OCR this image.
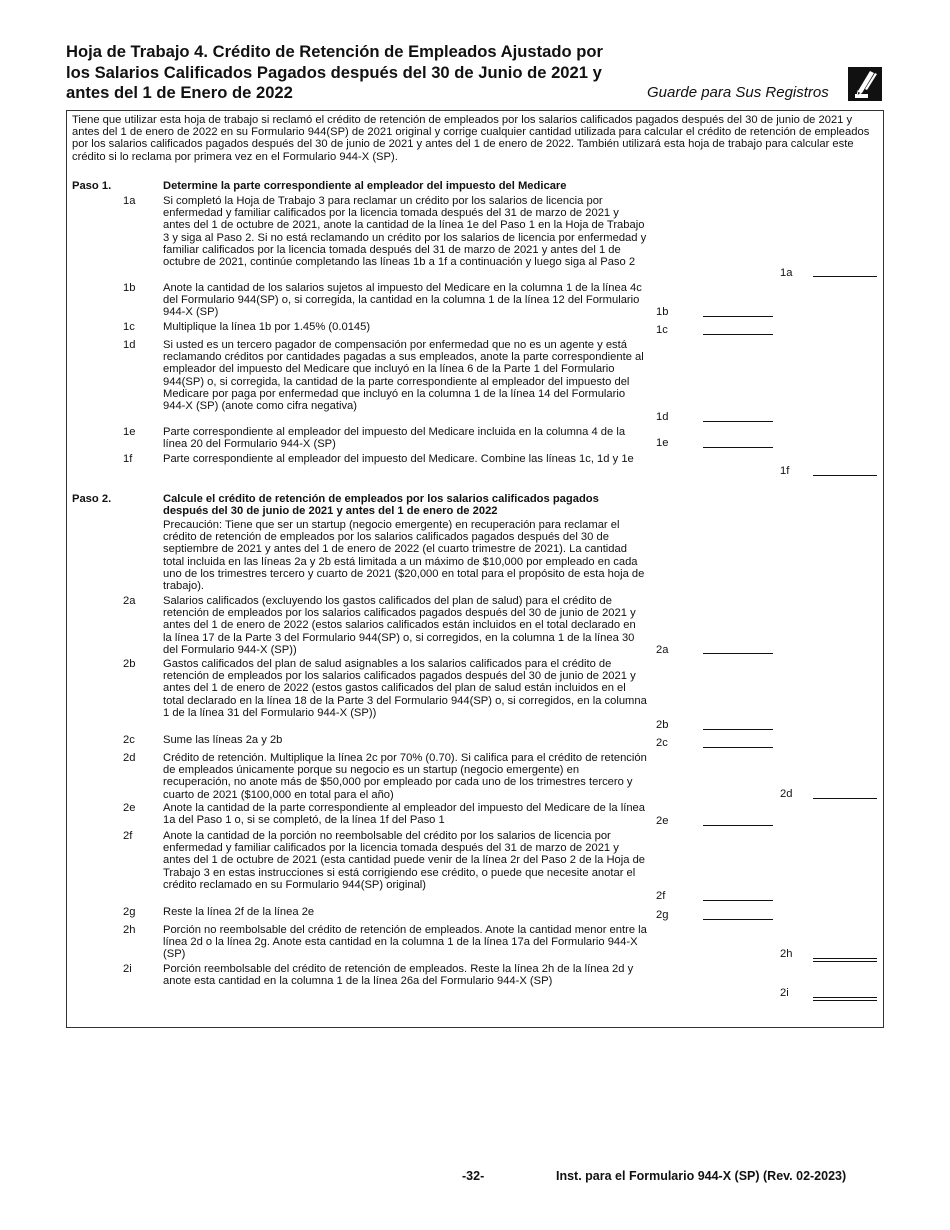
Hoja de Trabajo 4. Crédito de Retención de Empleados Ajustado por los Salarios Calificados Pagados después del 30 de Junio de 2021 y antes del 1 de Enero de 2022	Guarde para Sus Registros
Tiene que utilizar esta hoja de trabajo si reclamó el crédito de retención de empleados por los salarios calificados pagados después del 30 de junio de 2021 y antes del 1 de enero de 2022 en su Formulario 944(SP) de 2021 original y corrige cualquier cantidad utilizada para calcular el crédito de retención de empleados por los salarios calificados pagados después del 30 de junio de 2021 y antes del 1 de enero de 2022. También utilizará esta hoja de trabajo para calcular este crédito si lo reclama por primera vez en el Formulario 944-X (SP).
Paso 1.	Determine la parte correspondiente al empleador del impuesto del Medicare
1a Si completó la Hoja de Trabajo 3 para reclamar un crédito por los salarios de licencia por enfermedad y familiar calificados por la licencia tomada después del 31 de marzo de 2021 y antes del 1 de octubre de 2021, anote la cantidad de la línea 1e del Paso 1 en la Hoja de Trabajo 3 y siga al Paso 2. Si no está reclamando un crédito por los salarios de licencia por enfermedad y familiar calificados por la licencia tomada después del 31 de marzo de 2021 y antes del 1 de octubre de 2021, continúe completando las líneas 1b a 1f a continuación y luego siga al Paso 2
1a
1b Anote la cantidad de los salarios sujetos al impuesto del Medicare en la columna 1 de la línea 4c del Formulario 944(SP) o, si corregida, la cantidad en la columna 1 de la línea 12 del Formulario 944-X (SP)	1b
1c	Multiplique la línea 1b por 1.45% (0.0145)	1c
1d Si usted es un tercero pagador de compensación por enfermedad que no es un agente y está reclamando créditos por cantidades pagadas a sus empleados, anote la parte correspondiente al empleador del impuesto del Medicare que incluyó en la línea 6 de la Parte 1 del Formulario 944(SP) o, si corregida, la cantidad de la parte correspondiente al empleador del impuesto del Medicare por paga por enfermedad que incluyó en la columna 1 de la línea 14 del Formulario 944-X (SP) (anote como cifra negativa)
1d
1e Parte correspondiente al empleador del impuesto del Medicare incluida en la columna 4 de la línea 20 del Formulario 944-X (SP)	1e
1f	Parte correspondiente al empleador del impuesto del Medicare. Combine las líneas 1c, 1d y 1e
1f
Paso 2.	Calcule el crédito de retención de empleados por los salarios calificados pagados después del 30 de junio de 2021 y antes del 1 de enero de 2022
Precaución: Tiene que ser un startup (negocio emergente) en recuperación para reclamar el crédito de retención de empleados por los salarios calificados pagados después del 30 de septiembre de 2021 y antes del 1 de enero de 2022 (el cuarto trimestre de 2021). La cantidad total incluida en las líneas 2a y 2b está limitada a un máximo de $10,000 por empleado en cada uno de los trimestres tercero y cuarto de 2021 ($20,000 en total para el propósito de esta hoja de trabajo).
2a Salarios calificados (excluyendo los gastos calificados del plan de salud) para el crédito de retención de empleados por los salarios calificados pagados después del 30 de junio de 2021 y antes del 1 de enero de 2022 (estos salarios calificados están incluidos en el total declarado en la línea 17 de la Parte 3 del Formulario 944(SP) o, si corregidos, en la columna 1 de la línea 30 del Formulario 944-X (SP))	2a
2b Gastos calificados del plan de salud asignables a los salarios calificados para el crédito de retención de empleados por los salarios calificados pagados después del 30 de junio de 2021 y antes del 1 de enero de 2022 (estos gastos calificados del plan de salud están incluidos en el total declarado en la línea 18 de la Parte 3 del Formulario 944(SP) o, si corregidos, en la columna 1 de la línea 31 del Formulario 944-X (SP))
2b
2c	Sume las líneas 2a y 2b	2c
2d Crédito de retención. Multiplique la línea 2c por 70% (0.70). Si califica para el crédito de retención de empleados únicamente porque su negocio es un startup (negocio emergente) en recuperación, no anote más de $50,000 por empleado por cada uno de los trimestres tercero y cuarto de 2021 ($100,000 en total para el año)	2d
2e Anote la cantidad de la parte correspondiente al empleador del impuesto del Medicare de la línea 1a del Paso 1 o, si se completó, de la línea 1f del Paso 1	2e
2f	Anote la cantidad de la porción no reembolsable del crédito por los salarios de licencia por enfermedad y familiar calificados por la licencia tomada después del 31 de marzo de 2021 y antes del 1 de octubre de 2021 (esta cantidad puede venir de la línea 2r del Paso 2 de la Hoja de Trabajo 3 en estas instrucciones si está corrigiendo ese crédito, o puede que necesite anotar el crédito reclamado en su Formulario 944(SP) original)
2f
2g Reste la línea 2f de la línea 2e	2g
2h Porción no reembolsable del crédito de retención de empleados. Anote la cantidad menor entre la línea 2d o la línea 2g. Anote esta cantidad en la columna 1 de la línea 17a del Formulario 944-X (SP)	2h
2i	Porción reembolsable del crédito de retención de empleados. Reste la línea 2h de la línea 2d y anote esta cantidad en la columna 1 de la línea 26a del Formulario 944-X (SP)
2i
-32-	Inst. para el Formulario 944-X (SP) (Rev. 02-2023)
